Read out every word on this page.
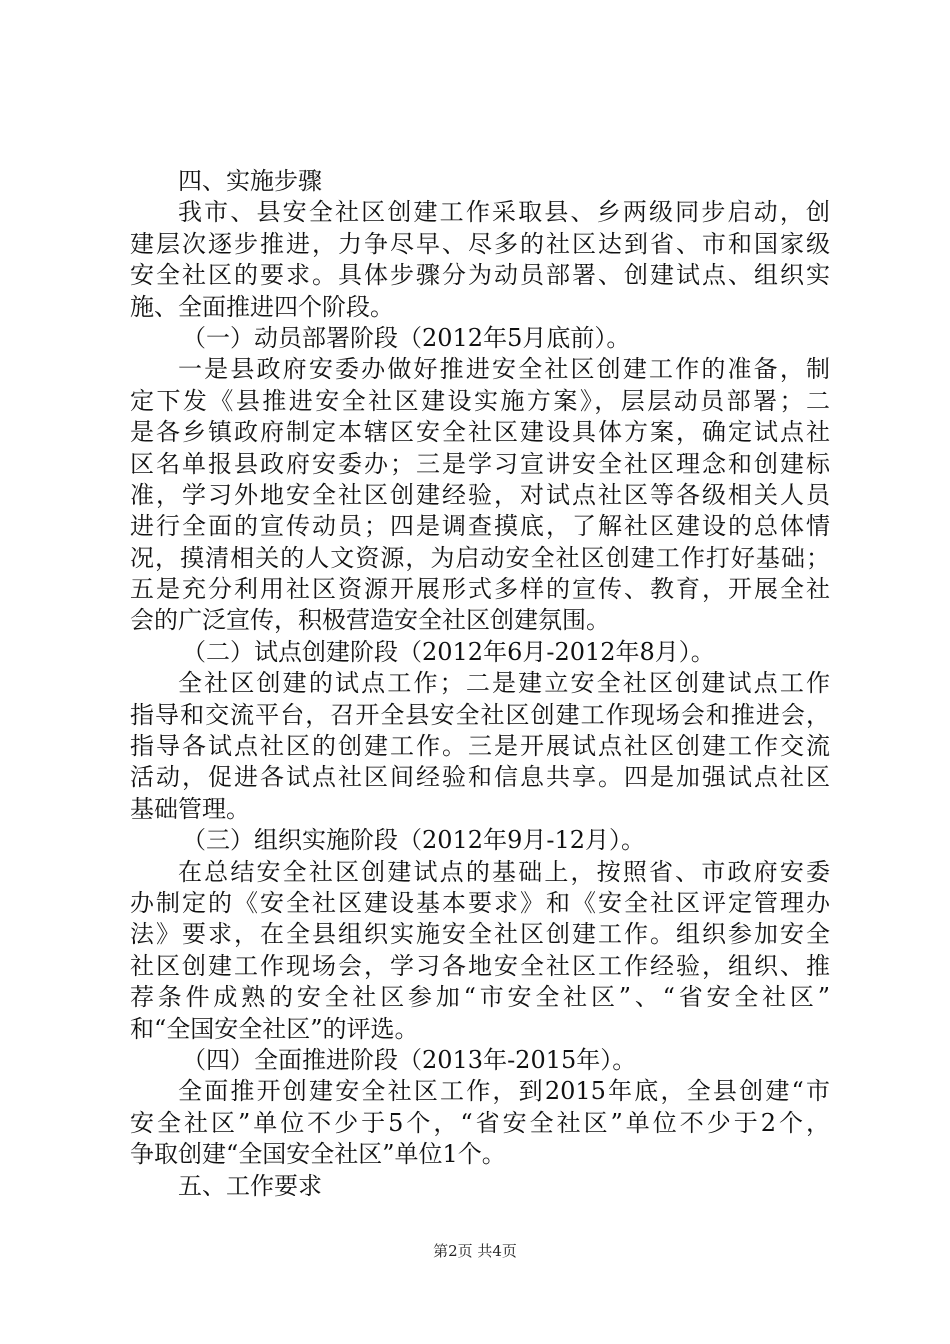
四、实施步骤
我市、县安全社区创建工作采取县、乡两级同步启动，创
建层次逐步推进，力争尽早、尽多的社区达到省、市和国家级
安全社区的要求。具体步骤分为动员部署、创建试点、组织实
施、全面推进四个阶段。
（一）动员部署阶段（2012年5月底前）。
一是县政府安委办做好推进安全社区创建工作的准备，制
定下发《县推进安全社区建设实施方案》，层层动员部署；二
是各乡镇政府制定本辖区安全社区建设具体方案，确定试点社
区名单报县政府安委办；三是学习宣讲安全社区理念和创建标
准，学习外地安全社区创建经验，对试点社区等各级相关人员
进行全面的宣传动员；四是调查摸底，了解社区建设的总体情
况，摸清相关的人文资源，为启动安全社区创建工作打好基础；
五是充分利用社区资源开展形式多样的宣传、教育，开展全社
会的广泛宣传，积极营造安全社区创建氛围。
（二）试点创建阶段（2012年6月-2012年8月）。
全社区创建的试点工作；二是建立安全社区创建试点工作
指导和交流平台，召开全县安全社区创建工作现场会和推进会，
指导各试点社区的创建工作。三是开展试点社区创建工作交流
活动，促进各试点社区间经验和信息共享。四是加强试点社区
基础管理。
（三）组织实施阶段（2012年9月-12月）。
在总结安全社区创建试点的基础上，按照省、市政府安委
办制定的《安全社区建设基本要求》和《安全社区评定管理办
法》要求，在全县组织实施安全社区创建工作。组织参加安全
社区创建工作现场会，学习各地安全社区工作经验，组织、推
荐条件成熟的安全社区参加“市安全社区”、“省安全社区”
和“全国安全社区”的评选。
（四）全面推进阶段（2013年-2015年）。
全面推开创建安全社区工作，到2015年底，全县创建“市
安全社区”单位不少于5个，“省安全社区”单位不少于2个，
争取创建“全国安全社区”单位1个。
五、工作要求
第2页 共4页
